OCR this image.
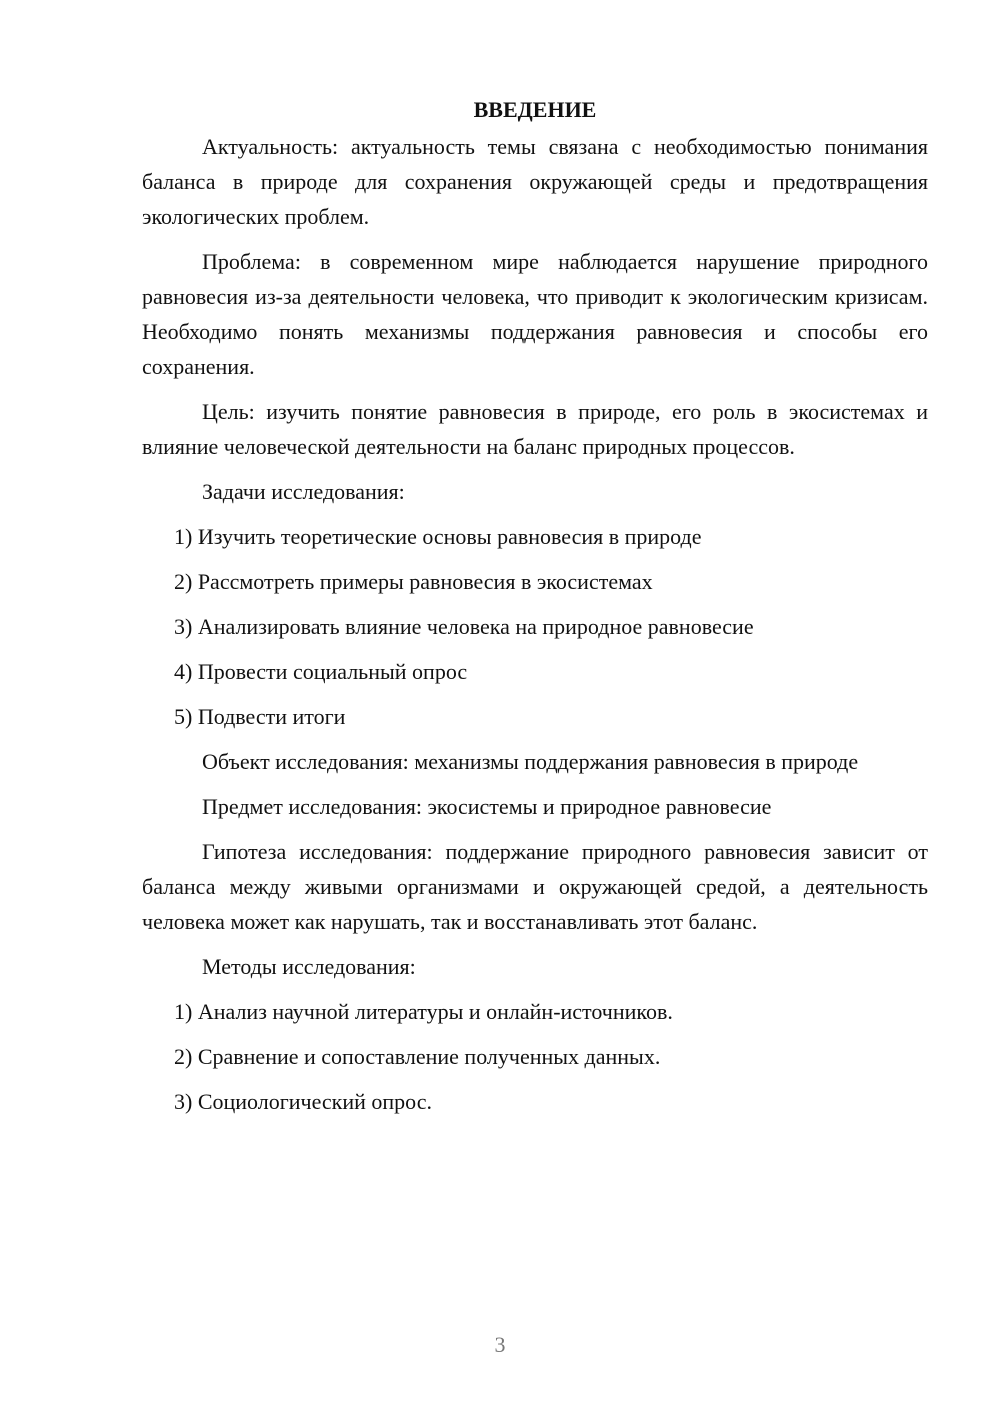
ВВЕДЕНИЕ

Актуальность: актуальность темы связана с необходимостью понимания баланса в природе для сохранения окружающей среды и предотвращения экологических проблем.

Проблема: в современном мире наблюдается нарушение природного равновесия из-за деятельности человека, что приводит к экологическим кризисам. Необходимо понять механизмы поддержания равновесия и способы его сохранения.

Цель: изучить понятие равновесия в природе, его роль в экосистемах и влияние человеческой деятельности на баланс природных процессов.

Задачи исследования:

1) Изучить теоретические основы равновесия в природе

2) Рассмотреть примеры равновесия в экосистемах

3) Анализировать влияние человека на природное равновесие

4) Провести социальный опрос

5) Подвести итоги

Объект исследования: механизмы поддержания равновесия в природе

Предмет исследования: экосистемы и природное равновесие

Гипотеза исследования: поддержание природного равновесия зависит от баланса между живыми организмами и окружающей средой, а деятельность человека может как нарушать, так и восстанавливать этот баланс.

Методы исследования:

1) Анализ научной литературы и онлайн-источников.

2) Сравнение и сопоставление полученных данных.

3) Социологический опрос.

3
